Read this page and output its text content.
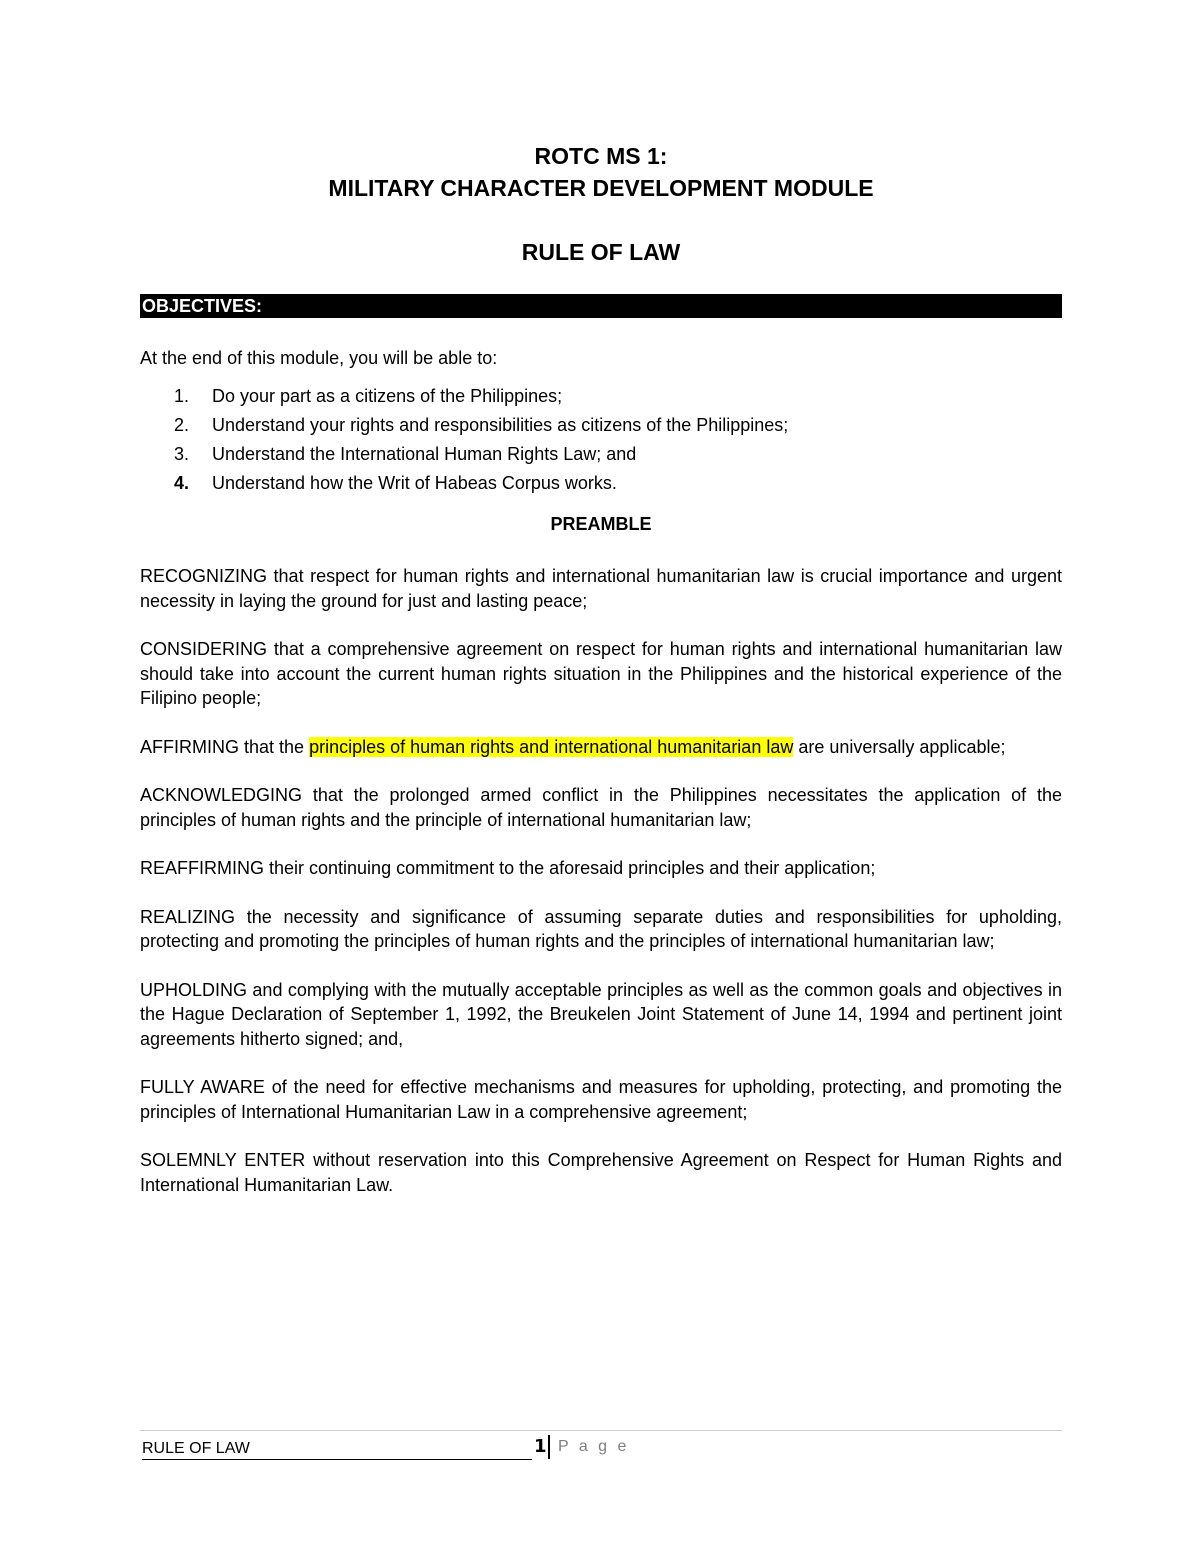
ROTC MS 1:

MILITARY CHARACTER DEVELOPMENT MODULE

RULE OF LAW

OBJECTIVES:
At the end of this module, you will be able to:
1. Do your part as a citizens of the Philippines;
2. Understand your rights and responsibilities as citizens of the Philippines;
3. Understand the International Human Rights Law; and
4. Understand how the Writ of Habeas Corpus works.
PREAMBLE

RECOGNIZING that respect for human rights and international humanitarian law is crucial importance and urgent necessity in laying the ground for just and lasting peace;

CONSIDERING that a comprehensive agreement on respect for human rights and international humanitarian law should take into account the current human rights situation in the Philippines and the historical experience of the Filipino people;

AFFIRMING that the principles of human rights and international humanitarian law are universally applicable;

ACKNOWLEDGING that the prolonged armed conflict in the Philippines necessitates the application of the principles of human rights and the principle of international humanitarian law;

REAFFIRMING their continuing commitment to the aforesaid principles and their application;

REALIZING the necessity and significance of assuming separate duties and responsibilities for upholding, protecting and promoting the principles of human rights and the principles of international humanitarian law;

UPHOLDING and complying with the mutually acceptable principles as well as the common goals and objectives in the Hague Declaration of September 1, 1992, the Breukelen Joint Statement of June 14, 1994 and pertinent joint agreements hitherto signed; and,

FULLY AWARE of the need for effective mechanisms and measures for upholding, protecting, and promoting the principles of International Humanitarian Law in a comprehensive agreement;

SOLEMNLY ENTER without reservation into this Comprehensive Agreement on Respect for Human Rights and International Humanitarian Law.

RULE OF LAW	1 P a g e
